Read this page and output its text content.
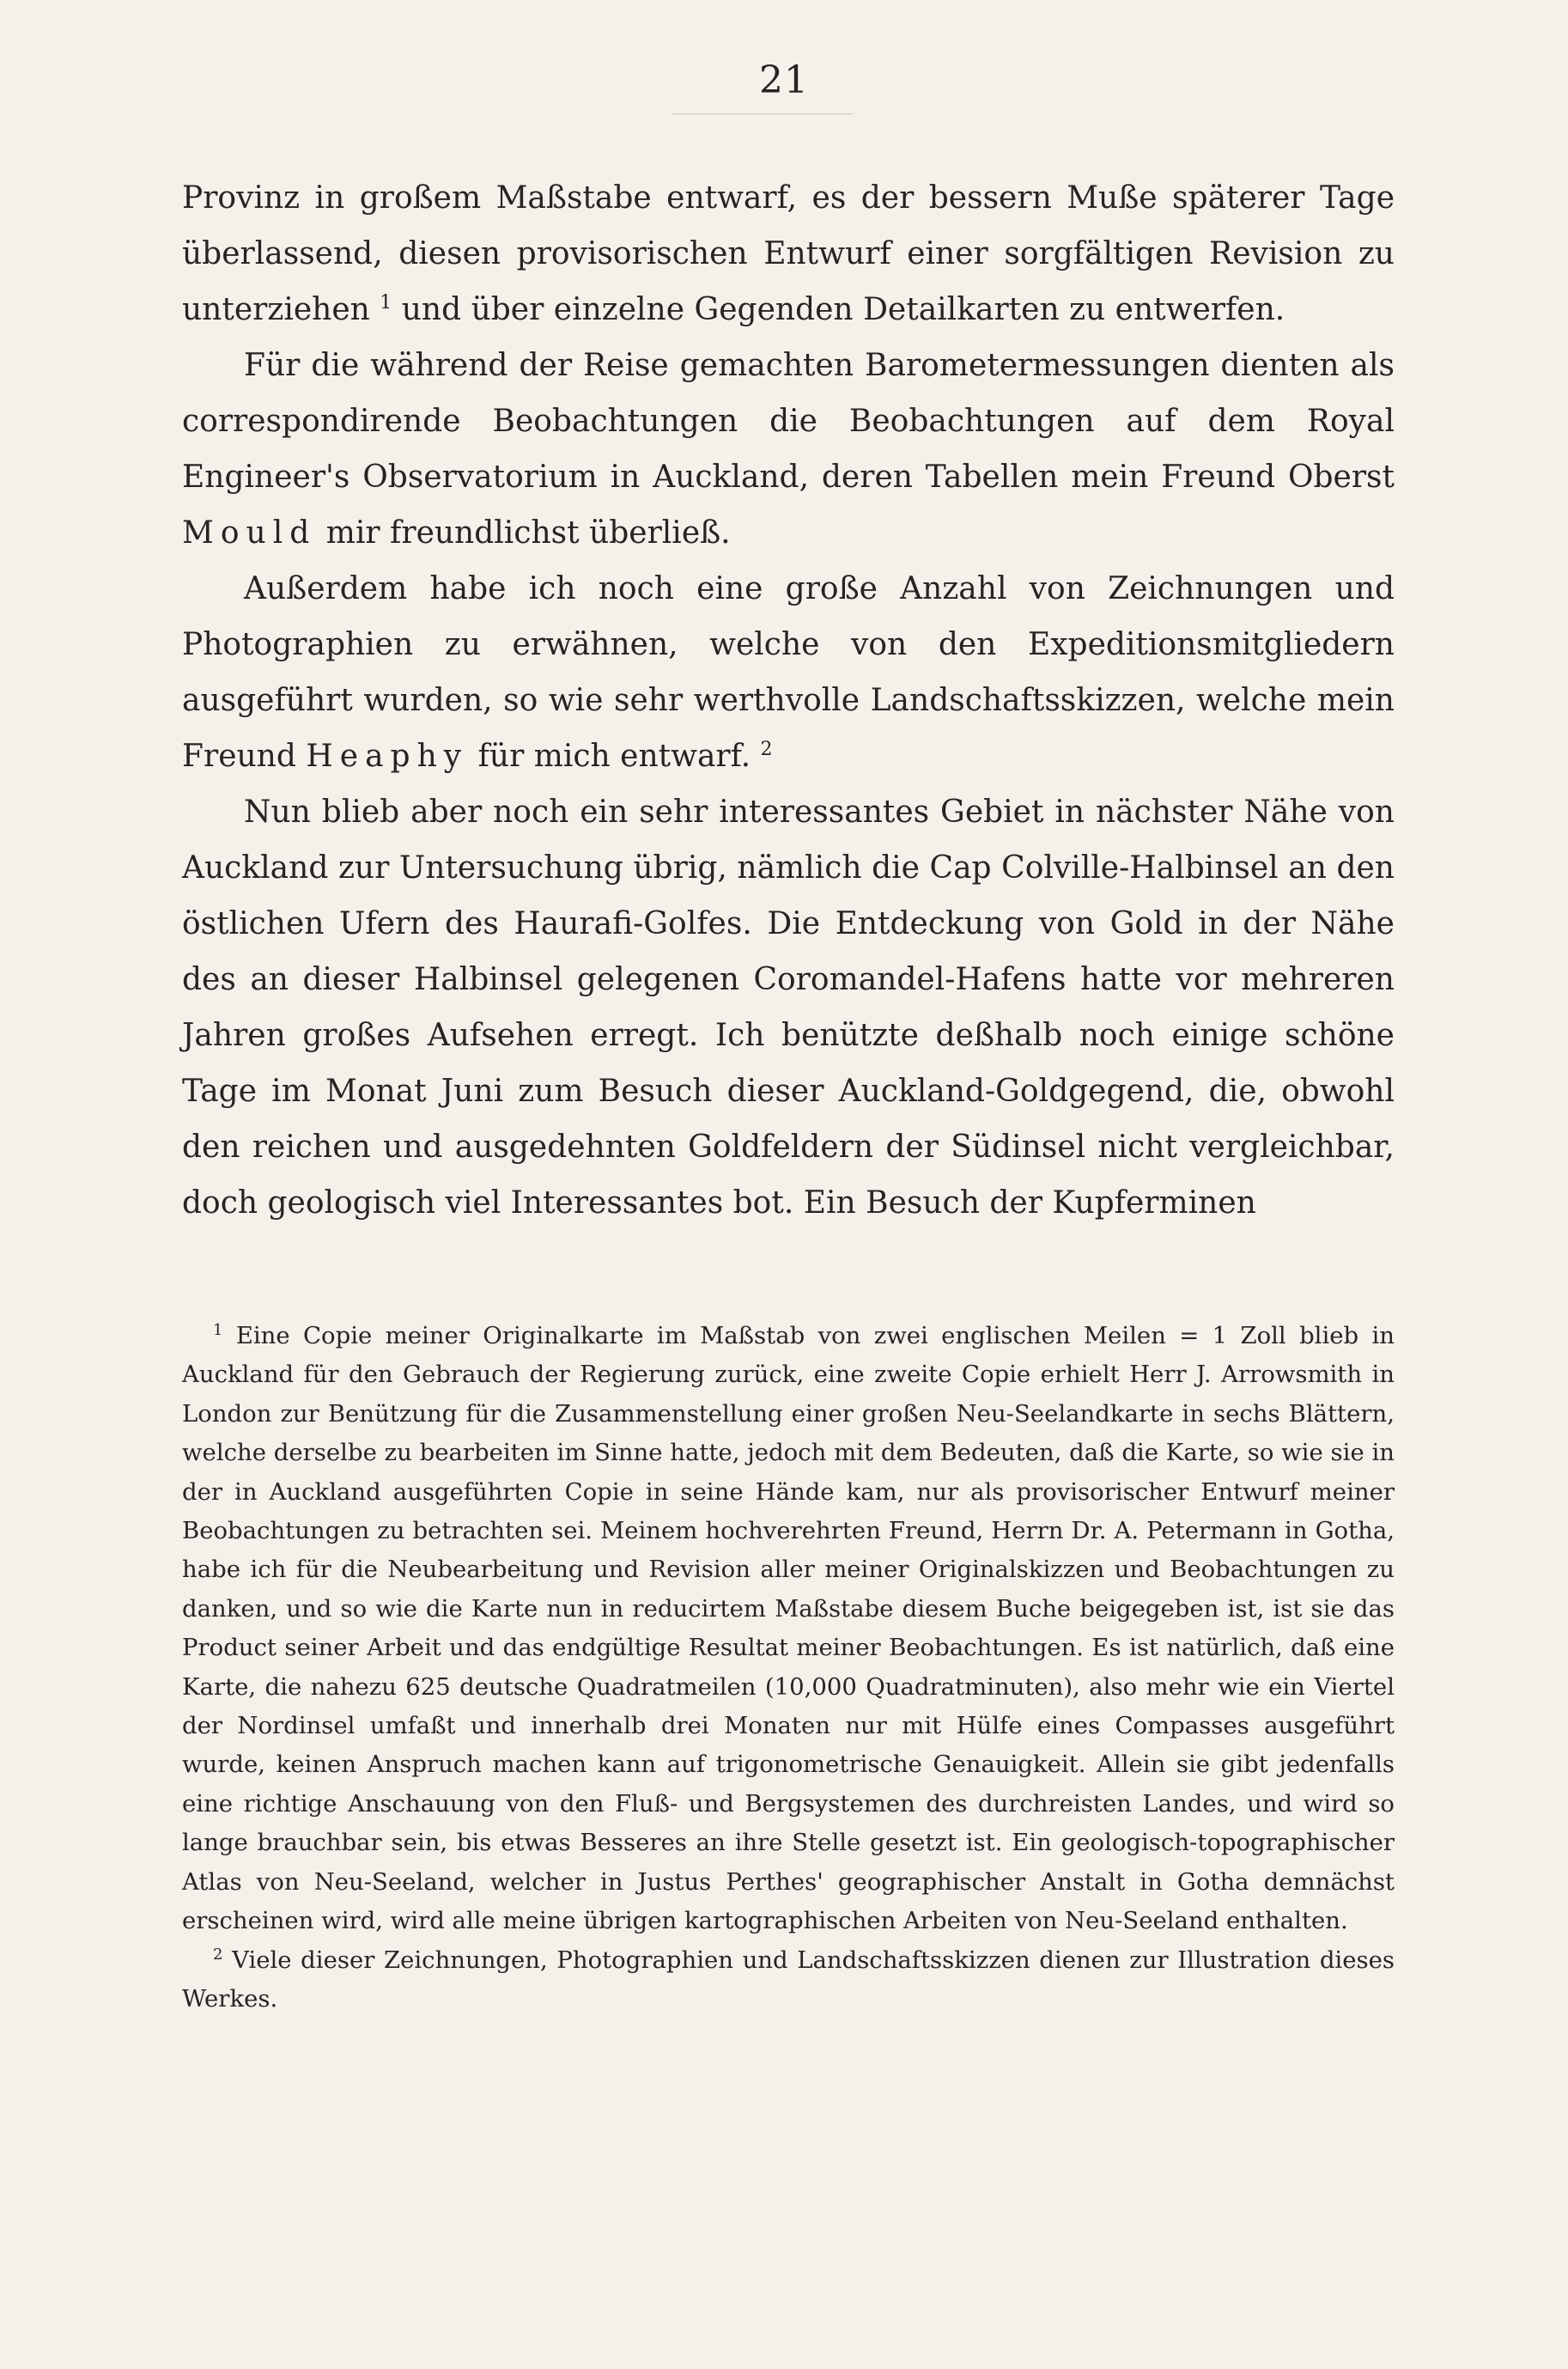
21

Provinz in großem Maßstabe entwarf, es der bessern Muße späterer Tage überlassend, diesen provisorischen Entwurf einer sorgfältigen Revision zu unterziehen $^1$ und über einzelne Gegenden Detailkarten zu entwerfen.

Für die während der Reise gemachten Barometermessungen dienten als correspondirende Beobachtungen die Beobachtungen auf dem Royal Engineer's Observatorium in Auckland, deren Tabellen mein Freund Oberst Mould mir freundlichst überließ.

Außerdem habe ich noch eine große Anzahl von Zeichnungen und Photographien zu erwähnen, welche von den Expeditionsmitgliedern ausgeführt wurden, so wie sehr werthvolle Landschaftsskizzen, welche mein Freund Heaphy für mich entwarf. $^2$

Nun blieb aber noch ein sehr interessantes Gebiet in nächster Nähe von Auckland zur Untersuchung übrig, nämlich die Cap Colville-Halbinsel an den östlichen Ufern des Haurafi-Golfes. Die Entdeckung von Gold in der Nähe des an dieser Halbinsel gelegenen Coromandel-Hafens hatte vor mehreren Jahren großes Aufsehen erregt. Ich benützte deßhalb noch einige schöne Tage im Monat Juni zum Besuch dieser Auckland-Goldgegend, die, obwohl den reichen und ausgedehnten Goldfeldern der Südinsel nicht vergleichbar, doch geologisch viel Interessantes bot. Ein Besuch der Kupferminen

$^1$ Eine Copie meiner Originalkarte im Maßstab von zwei englischen Meilen = 1 Zoll blieb in Auckland für den Gebrauch der Regierung zurück, eine zweite Copie erhielt Herr J. Arrowsmith in London zur Benützung für die Zusammenstellung einer großen Neu-Seelandkarte in sechs Blättern, welche derselbe zu bearbeiten im Sinne hatte, jedoch mit dem Bedeuten, daß die Karte, so wie sie in der in Auckland ausgeführten Copie in seine Hände kam, nur als provisorischer Entwurf meiner Beobachtungen zu betrachten sei. Meinem hochverehrten Freund, Herrn Dr. A. Petermann in Gotha, habe ich für die Neubearbeitung und Revision aller meiner Originalskizzen und Beobachtungen zu danken, und so wie die Karte nun in reducirtem Maßstabe diesem Buche beigegeben ist, ist sie das Product seiner Arbeit und das endgültige Resultat meiner Beobachtungen. Es ist natürlich, daß eine Karte, die nahezu 625 deutsche Quadratmeilen (10,000 Quadratminuten), also mehr wie ein Viertel der Nordinsel umfaßt und innerhalb drei Monaten nur mit Hülfe eines Compasses ausgeführt wurde, keinen Anspruch machen kann auf trigonometrische Genauigkeit. Allein sie gibt jedenfalls eine richtige Anschauung von den Fluß- und Bergsystemen des durchreisten Landes, und wird so lange brauchbar sein, bis etwas Besseres an ihre Stelle gesetzt ist. Ein geologisch-topographischer Atlas von Neu-Seeland, welcher in Justus Perthes' geographischer Anstalt in Gotha demnächst erscheinen wird, wird alle meine übrigen kartographischen Arbeiten von Neu-Seeland enthalten.

$^2$ Viele dieser Zeichnungen, Photographien und Landschaftsskizzen dienen zur Illustration dieses Werkes.
